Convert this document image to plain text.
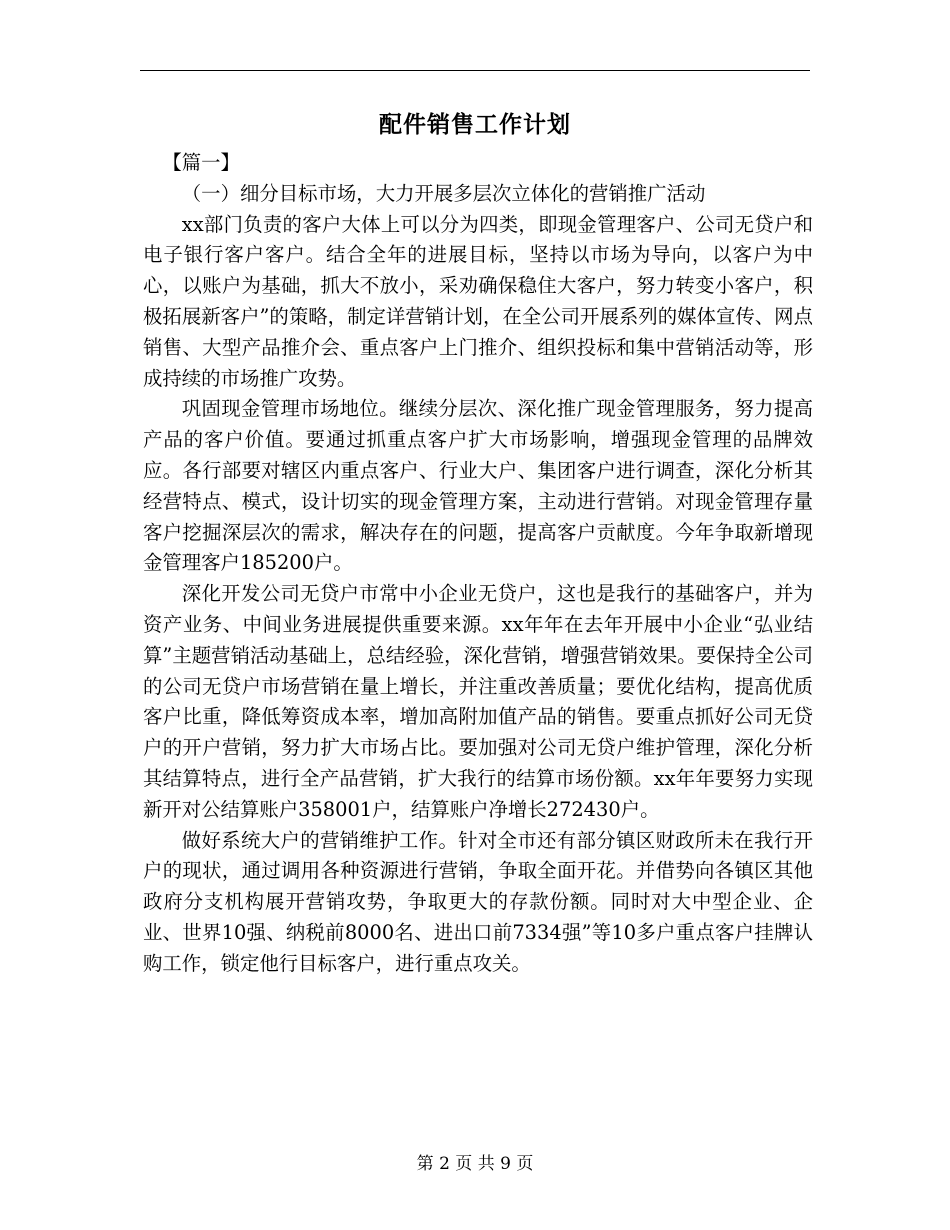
配件销售工作计划

【篇一】

（一）细分目标市场，大力开展多层次立体化的营销推广活动

xx部门负责的客户大体上可以分为四类，即现金管理客户、公司无贷户和电子银行客户客户。结合全年的进展目标，坚持以市场为导向，以客户为中心，以账户为基础，抓大不放小，采劝确保稳住大客户，努力转变小客户，积极拓展新客户”的策略，制定详营销计划，在全公司开展系列的媒体宣传、网点销售、大型产品推介会、重点客户上门推介、组织投标和集中营销活动等，形成持续的市场推广攻势。

巩固现金管理市场地位。继续分层次、深化推广现金管理服务，努力提高产品的客户价值。要通过抓重点客户扩大市场影响，增强现金管理的品牌效应。各行部要对辖区内重点客户、行业大户、集团客户进行调查，深化分析其经营特点、模式，设计切实的现金管理方案，主动进行营销。对现金管理存量客户挖掘深层次的需求，解决存在的问题，提高客户贡献度。今年争取新增现金管理客户185200户。

深化开发公司无贷户市常中小企业无贷户，这也是我行的基础客户，并为资产业务、中间业务进展提供重要来源。xx年年在去年开展中小企业“弘业结算”主题营销活动基础上，总结经验，深化营销，增强营销效果。要保持全公司的公司无贷户市场营销在量上增长，并注重改善质量；要优化结构，提高优质客户比重，降低筹资成本率，增加高附加值产品的销售。要重点抓好公司无贷户的开户营销，努力扩大市场占比。要加强对公司无贷户维护管理，深化分析其结算特点，进行全产品营销，扩大我行的结算市场份额。xx年年要努力实现新开对公结算账户358001户，结算账户净增长272430户。

做好系统大户的营销维护工作。针对全市还有部分镇区财政所未在我行开户的现状，通过调用各种资源进行营销，争取全面开花。并借势向各镇区其他政府分支机构展开营销攻势，争取更大的存款份额。同时对大中型企业、企业、世界10强、纳税前8000名、进出口前7334强”等10多户重点客户挂牌认购工作，锁定他行目标客户，进行重点攻关。

第 2 页 共 9 页
